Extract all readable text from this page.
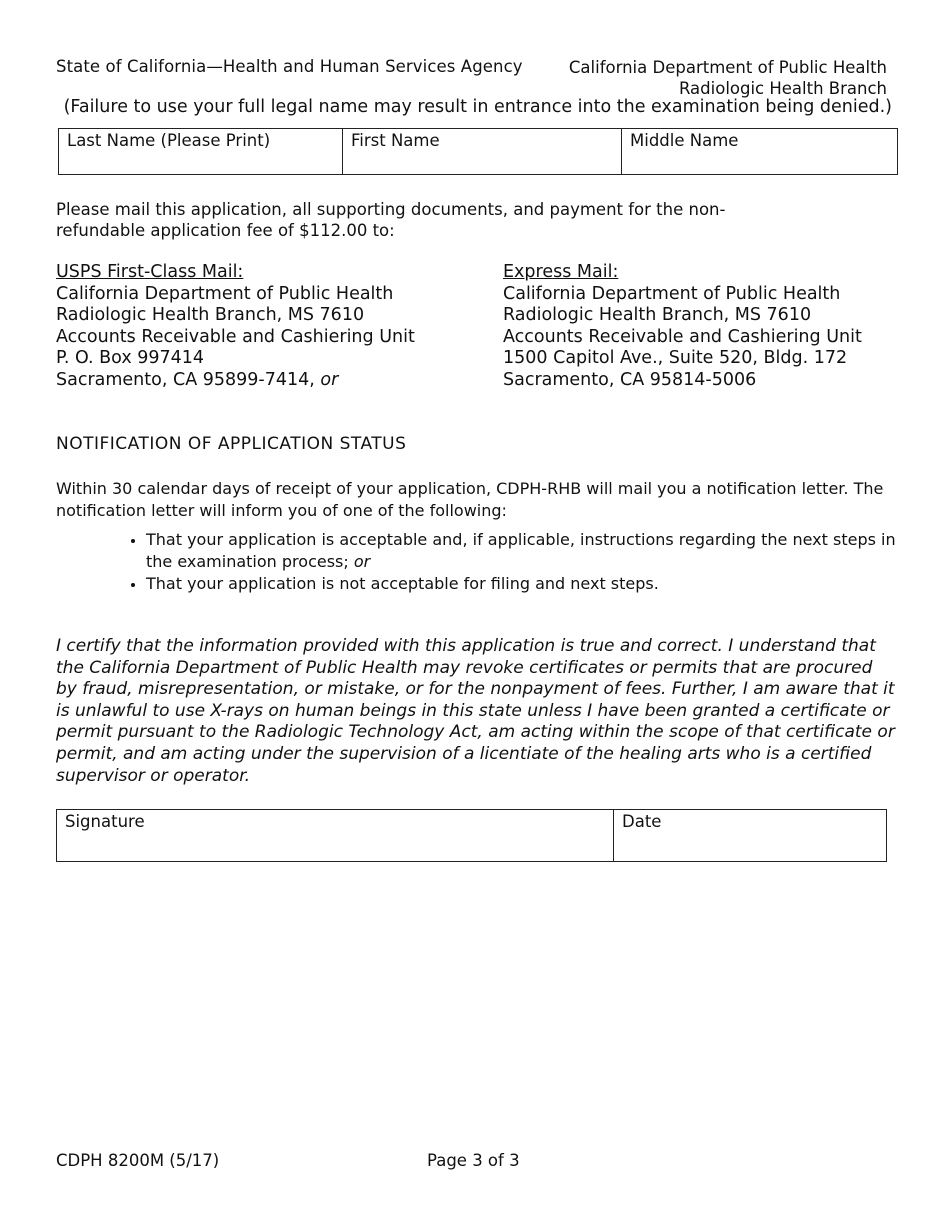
State of California—Health and Human Services Agency	California Department of Public Health
Radiologic Health Branch
(Failure to use your full legal name may result in entrance into the examination being denied.)
Last Name (Please Print)	First Name	Middle Name
Please mail this application, all supporting documents, and payment for the non-refundable application fee of $112.00 to:
USPS First-Class Mail:
California Department of Public Health
Radiologic Health Branch, MS 7610
Accounts Receivable and Cashiering Unit
P. O. Box 997414
Sacramento, CA 95899-7414, or
Express Mail:
California Department of Public Health
Radiologic Health Branch, MS 7610
Accounts Receivable and Cashiering Unit
1500 Capitol Ave., Suite 520, Bldg. 172
Sacramento, CA 95814-5006
NOTIFICATION OF APPLICATION STATUS
Within 30 calendar days of receipt of your application, CDPH-RHB will mail you a notification letter. The notification letter will inform you of one of the following:
• That your application is acceptable and, if applicable, instructions regarding the next steps in the examination process; or
• That your application is not acceptable for filing and next steps.
I certify that the information provided with this application is true and correct. I understand that the California Department of Public Health may revoke certificates or permits that are procured by fraud, misrepresentation, or mistake, or for the nonpayment of fees. Further, I am aware that it is unlawful to use X-rays on human beings in this state unless I have been granted a certificate or permit pursuant to the Radiologic Technology Act, am acting within the scope of that certificate or permit, and am acting under the supervision of a licentiate of the healing arts who is a certified supervisor or operator.
Signature	Date
CDPH 8200M (5/17)	Page 3 of 3
